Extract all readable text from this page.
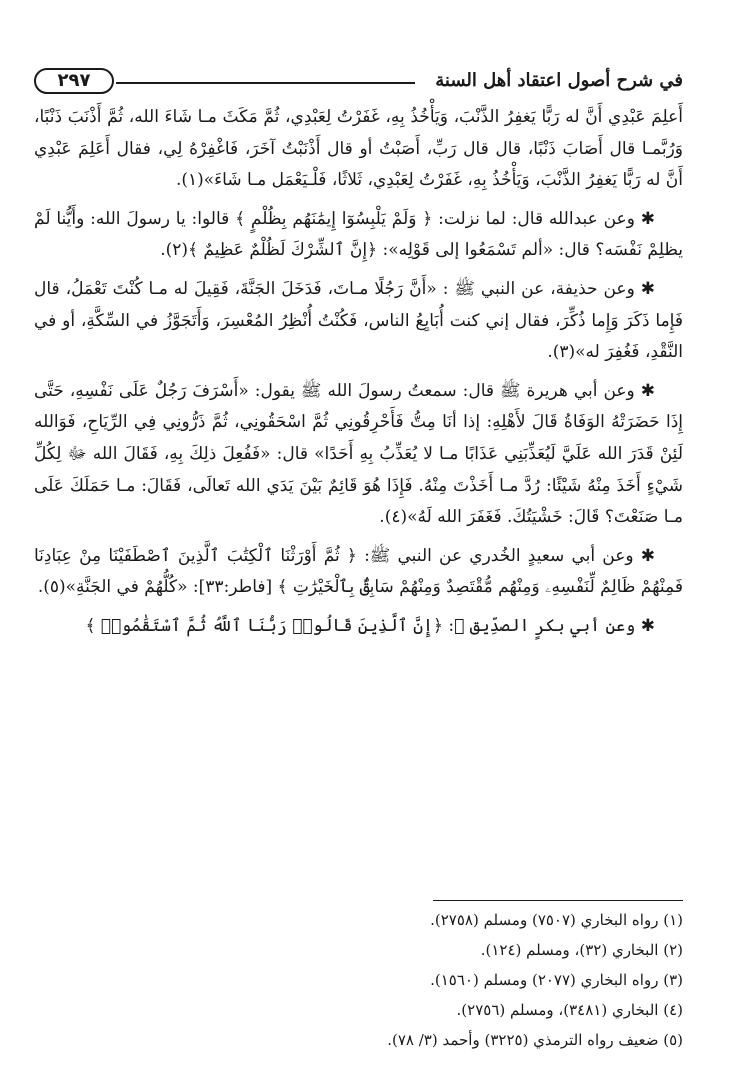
٢٩٧	في شرح أصول اعتقاد أهل السنة

أَعلِمَ عَبْدِي أَنَّ له رَبًّا يَغفِرُ الذَّنْبَ، وَيَأْخُذُ بِهِ، غَفَرْتُ لِعَبْدِي، ثُمَّ مَكَثَ مـا شَاءَ الله، ثُمَّ أَذْنَبَ ذَنْبًا، وَرُبَّمـا قال أَصَابَ ذَنْبًا، قال قال رَبِّ، أَصَبْتُ أو قال أَذْنَبْتُ آخَرَ، فَاغْفِرْهُ لِي، فقال أَعَلِمَ عَبْدِي أَنَّ له رَبًّا يَغفِرُ الذَّنْبَ، وَيَأْخُذُ بِهِ، غَفَرْتُ لِعَبْدِي، ثَلاثًا، فَلْـيَعْمَل مـا شَاءَ»(١).

✱ وعن عبدالله قال: لما نزلت: ﴿ وَلَمْ يَلْبِسُوٓا إِيمَٰنَهُم بِظُلْمٍ ﴾ قالوا: يا رسولَ الله: وأَيُّنا لَمْ يظلِمْ نَفْسَه؟ قال: «ألم تَسْمَعُوا إلى قَوْلِه»: ﴿إِنَّ ٱلشِّرْكَ لَظُلْمٌ عَظِيمٌ ﴾(٢).

✱ وعن حذيفة، عن النبي ﷺ : «أَنَّ رَجُلًا مـاتَ، فَدَخَلَ الجَنَّةَ، فَقِيلَ له مـا كُنْتَ تَعْمَلُ، قال فَإِما ذَكَرَ وَإِما ذُكِّرَ، فقال إني كنت أُبَايِعُ الناس، فَكُنْتُ أُنْظِرُ المُعْسِرَ، وَأَتَجَوَّزُ في السِّكَّةِ، أو في النَّقْدِ، فَغُفِرَ له»(٣).

✱ وعن أبي هريرة ﷺ قال: سمعتُ رسولَ الله ﷺ يقول: «أَسْرَفَ رَجُلٌ عَلَى نَفْسِهِ، حَتَّى إِذَا حَضَرَتْهُ الوَفَاةُ قَالَ لأَهْلِهِ: إذا أنَا مِتُّ فَأَحْرِقُونِي ثُمَّ اسْحَقُونِي، ثُمَّ ذَرُّونِي فِي الرِّيَاحِ، فَوَالله لَئِنْ قَدَرَ الله عَلَيَّ لَيُعَذِّبَنِي عَذَابًا مـا لا يُعَذِّبُ بِهِ أَحَدًا» قال: «فَفُعِلَ ذلِكَ بِهِ، فَقَالَ الله ﷻ لِكُلِّ شَيْءٍ أَخَذَ مِنْهُ شَيْئًا: رُدَّ مـا أَخَذْتَ مِنْهُ. فَإِذَا هُوَ قَائِمٌ بَيْنَ يَدَي الله تَعالَى، فَقَالَ: مـا حَمَلَكَ عَلَى مـا صَنَعْتَ؟ قَالَ: خَشْيَتُكَ. فَغَفَرَ الله لَهُ»(٤).

✱ وعن أبي سعيدٍ الخُدري عن النبي ﷺ: ﴿ ثُمَّ أَوْرَثْنَا ٱلْكِتَٰبَ ٱلَّذِينَ ٱصْطَفَيْنَا مِنْ عِبَادِنَا فَمِنْهُمْ ظَالِمٌ لِّنَفْسِهِۦ وَمِنْهُم مُّقْتَصِدٌ وَمِنْهُمْ سَابِقٌۢ بِٱلْخَيْرَٰتِ ﴾ [فاطر:٣٣]: «كُلُّهُمْ في الجَنَّةِ»(٥).

✱ وعن أبي بكرٍ الصدِّيق ﷺ: ﴿إِنَّ ٱلَّذِينَ قَالُوا۟ رَبُّنَا ٱللَّهُ ثُمَّ ٱسْتَقَٰمُوا۟ ﴾

(١) رواه البخاري (٧٥٠٧) ومسلم (٢٧٥٨).
(٢) البخاري (٣٢)، ومسلم (١٢٤).
(٣) رواه البخاري (٢٠٧٧) ومسلم (١٥٦٠).
(٤) البخاري (٣٤٨١)، ومسلم (٢٧٥٦).
(٥) ضعيف رواه الترمذي (٣٢٢٥) وأحمد (٣/ ٧٨).
